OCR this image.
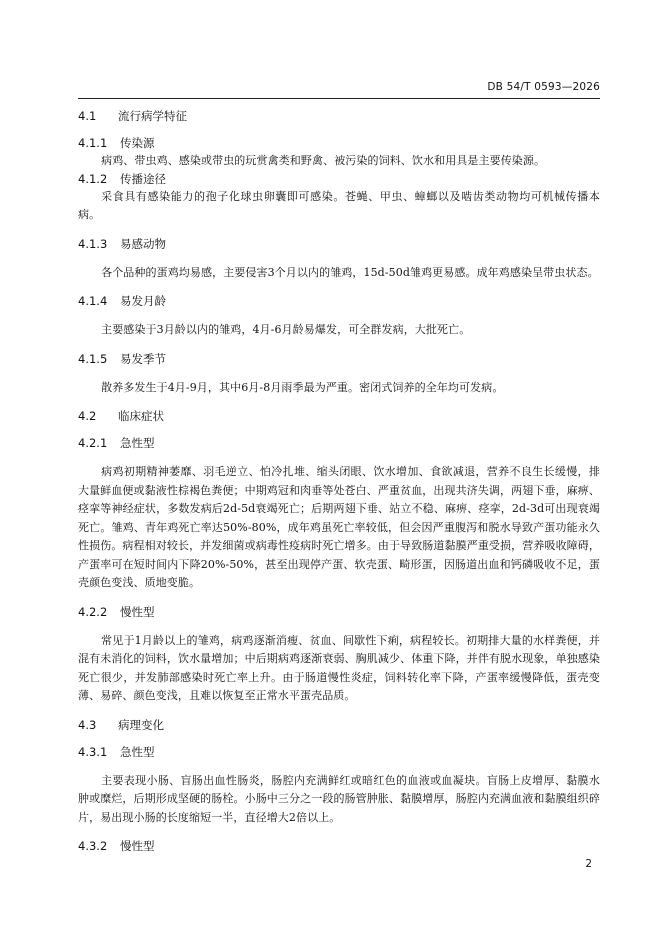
DB 54/T 0593—2026
4.1 流行病学特征
4.1.1 传染源
病鸡、带虫鸡、感染或带虫的玩赏禽类和野禽、被污染的饲料、饮水和用具是主要传染源。
4.1.2 传播途径
采食具有感染能力的孢子化球虫卵囊即可感染。苍蝇、甲虫、蟑螂以及啮齿类动物均可机械传播本病。
4.1.3 易感动物
各个品种的蛋鸡均易感，主要侵害3个月以内的雏鸡，15d-50d雏鸡更易感。成年鸡感染呈带虫状态。
4.1.4 易发月龄
主要感染于3月龄以内的雏鸡，4月-6月龄易爆发，可全群发病，大批死亡。
4.1.5 易发季节
散养多发生于4月-9月，其中6月-8月雨季最为严重。密闭式饲养的全年均可发病。
4.2 临床症状
4.2.1 急性型
病鸡初期精神萎靡、羽毛逆立、怕冷扎堆、缩头闭眼、饮水增加、食欲减退，营养不良生长缓慢，排大量鲜血便或黏液性棕褐色粪便；中期鸡冠和肉垂等处苍白、严重贫血，出现共济失调，两翅下垂，麻痹、痉挛等神经症状，多数发病后2d-5d衰竭死亡；后期两翅下垂、站立不稳、麻痹、痉挛，2d-3d可出现衰竭死亡。雏鸡、青年鸡死亡率达50%-80%，成年鸡虽死亡率较低，但会因严重腹泻和脱水导致产蛋功能永久性损伤。病程相对较长，并发细菌或病毒性疫病时死亡增多。由于导致肠道黏膜严重受损，营养吸收障碍，产蛋率可在短时间内下降20%-50%，甚至出现停产蛋、软壳蛋、畸形蛋，因肠道出血和钙磷吸收不足，蛋壳颜色变浅、质地变脆。
4.2.2 慢性型
常见于1月龄以上的雏鸡，病鸡逐渐消瘦、贫血、间歇性下痢，病程较长。初期排大量的水样粪便，并混有未消化的饲料，饮水量增加；中后期病鸡逐渐衰弱、胸肌减少、体重下降，并伴有脱水现象，单独感染死亡很少，并发肺部感染时死亡率上升。由于肠道慢性炎症，饲料转化率下降，产蛋率缓慢降低，蛋壳变薄、易碎、颜色变浅，且难以恢复至正常水平蛋壳品质。
4.3 病理变化
4.3.1 急性型
主要表现小肠、盲肠出血性肠炎，肠腔内充满鲜红或暗红色的血液或血凝块。盲肠上皮增厚、黏膜水肿或糜烂，后期形成坚硬的肠栓。小肠中三分之一段的肠管肿胀、黏膜增厚，肠腔内充满血液和黏膜组织碎片，易出现小肠的长度缩短一半，直径增大2倍以上。
4.3.2 慢性型
2
